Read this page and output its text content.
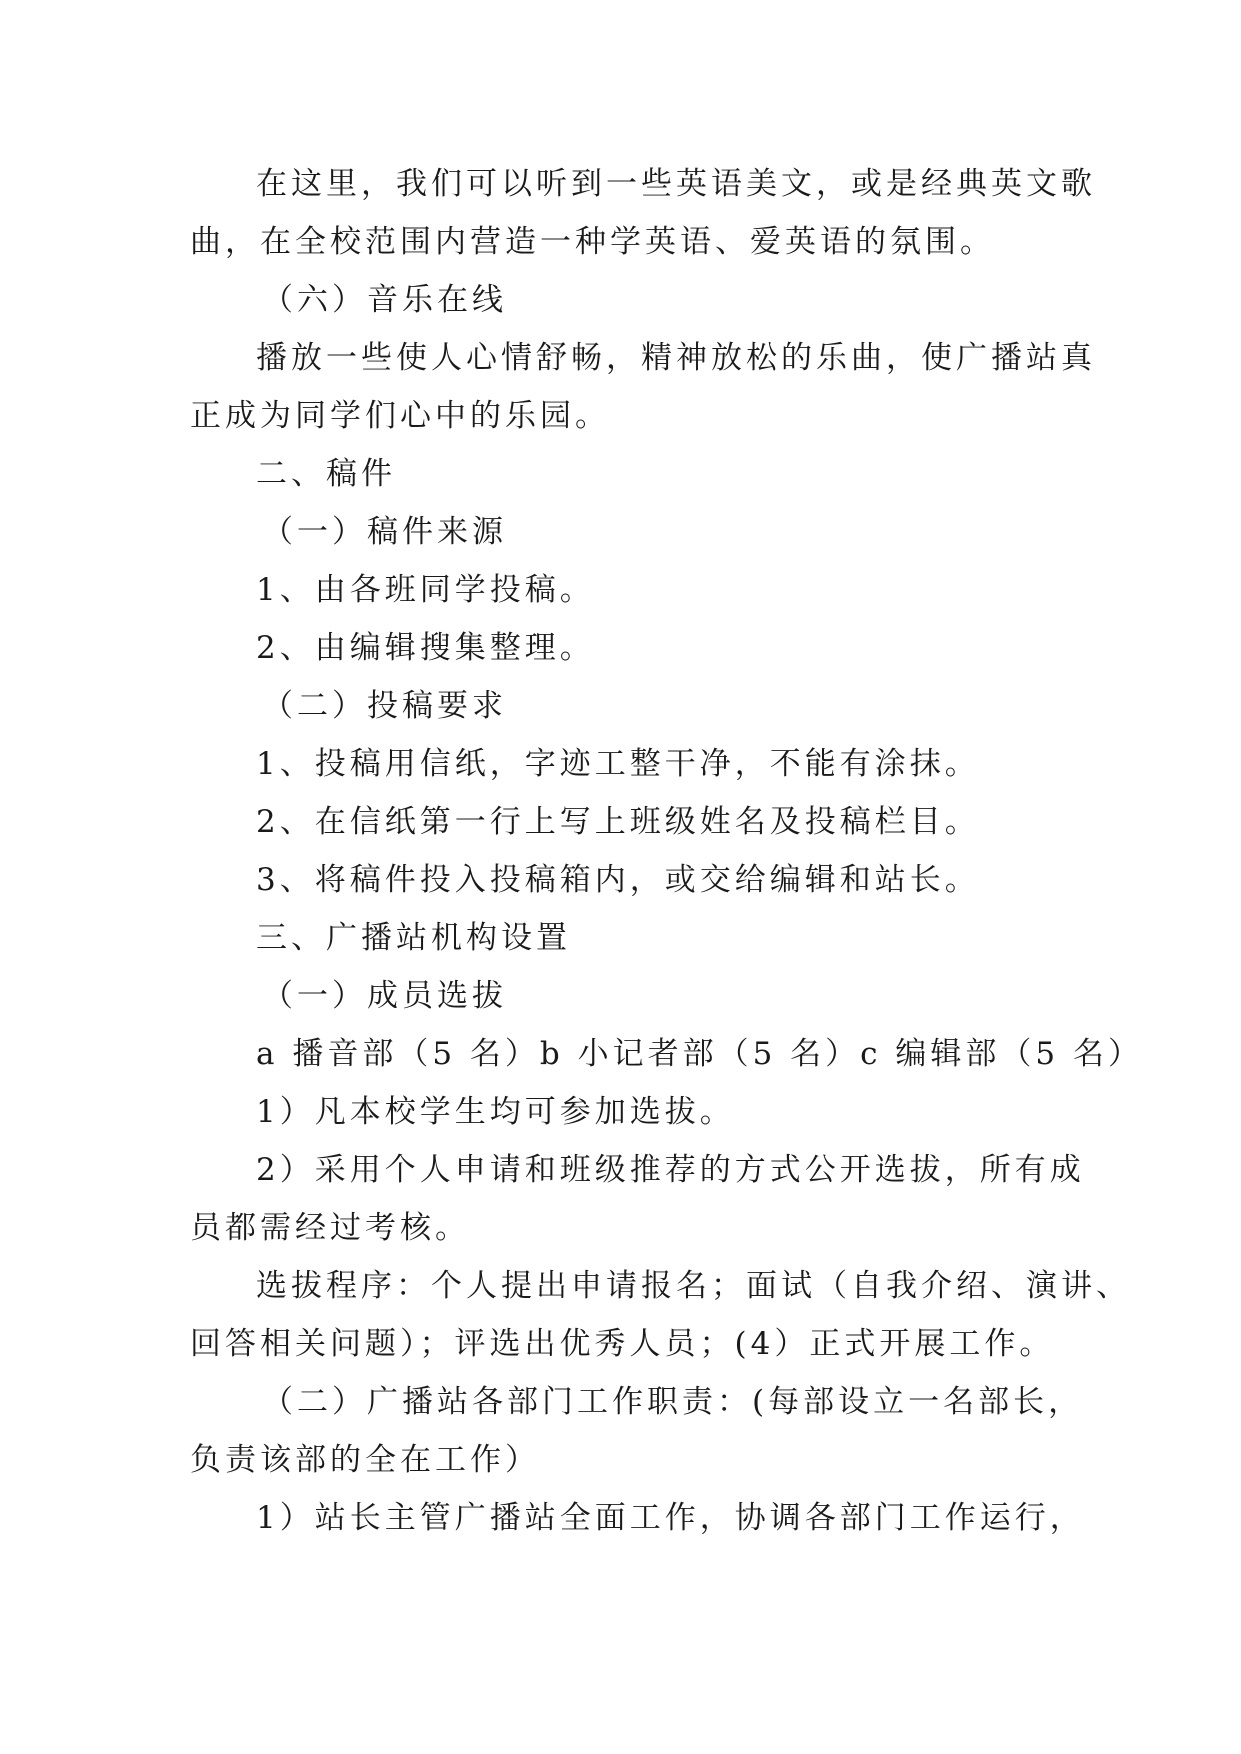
在这里，我们可以听到一些英语美文，或是经典英文歌
曲，在全校范围内营造一种学英语、爱英语的氛围。
（六）音乐在线
播放一些使人心情舒畅，精神放松的乐曲，使广播站真
正成为同学们心中的乐园。
二、稿件
（一）稿件来源
1、由各班同学投稿。
2、由编辑搜集整理。
（二）投稿要求
1、投稿用信纸，字迹工整干净，不能有涂抹。
2、在信纸第一行上写上班级姓名及投稿栏目。
3、将稿件投入投稿箱内，或交给编辑和站长。
三、广播站机构设置
（一）成员选拔
a 播音部（5 名）b 小记者部（5 名）c 编辑部（5 名）
1）凡本校学生均可参加选拔。
2）采用个人申请和班级推荐的方式公开选拔，所有成
员都需经过考核。
选拔程序：个人提出申请报名；面试（自我介绍、演讲、
回答相关问题）；评选出优秀人员；(4）正式开展工作。
（二）广播站各部门工作职责：(每部设立一名部长，
负责该部的全在工作）
1）站长主管广播站全面工作，协调各部门工作运行，
